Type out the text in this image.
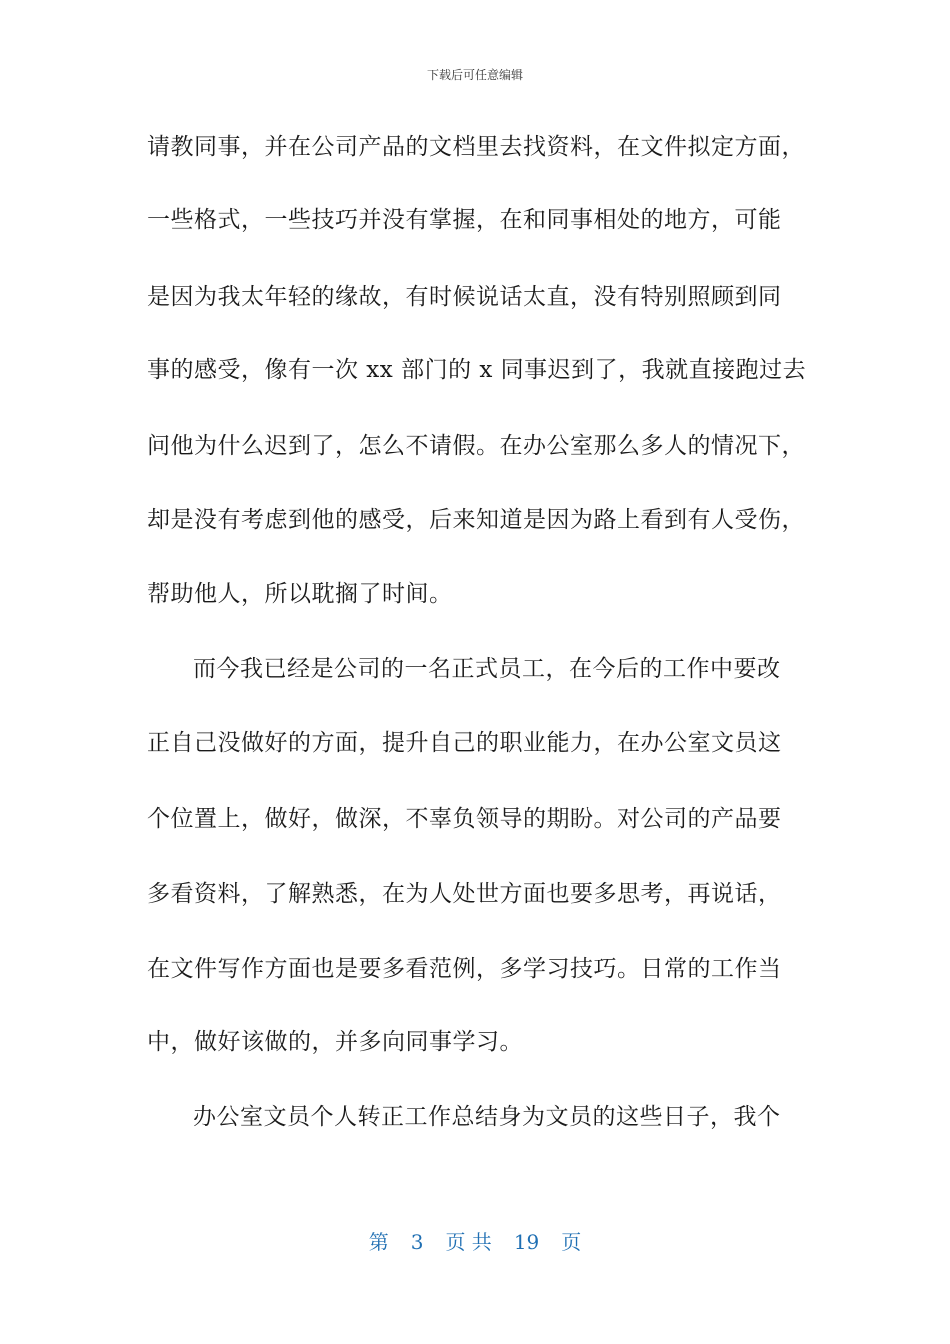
下载后可任意编辑
请教同事，并在公司产品的文档里去找资料，在文件拟定方面，
一些格式，一些技巧并没有掌握，在和同事相处的地方，可能
是因为我太年轻的缘故，有时候说话太直，没有特别照顾到同
事的感受，像有一次 xx 部门的 x 同事迟到了，我就直接跑过去
问他为什么迟到了，怎么不请假。在办公室那么多人的情况下，
却是没有考虑到他的感受，后来知道是因为路上看到有人受伤，
帮助他人，所以耽搁了时间。
而今我已经是公司的一名正式员工，在今后的工作中要改
正自己没做好的方面，提升自己的职业能力，在办公室文员这
个位置上，做好，做深，不辜负领导的期盼。对公司的产品要
多看资料，了解熟悉，在为人处世方面也要多思考，再说话，
在文件写作方面也是要多看范例，多学习技巧。日常的工作当
中，做好该做的，并多向同事学习。
办公室文员个人转正工作总结身为文员的这些日子，我个
第 3 页 共 19 页
